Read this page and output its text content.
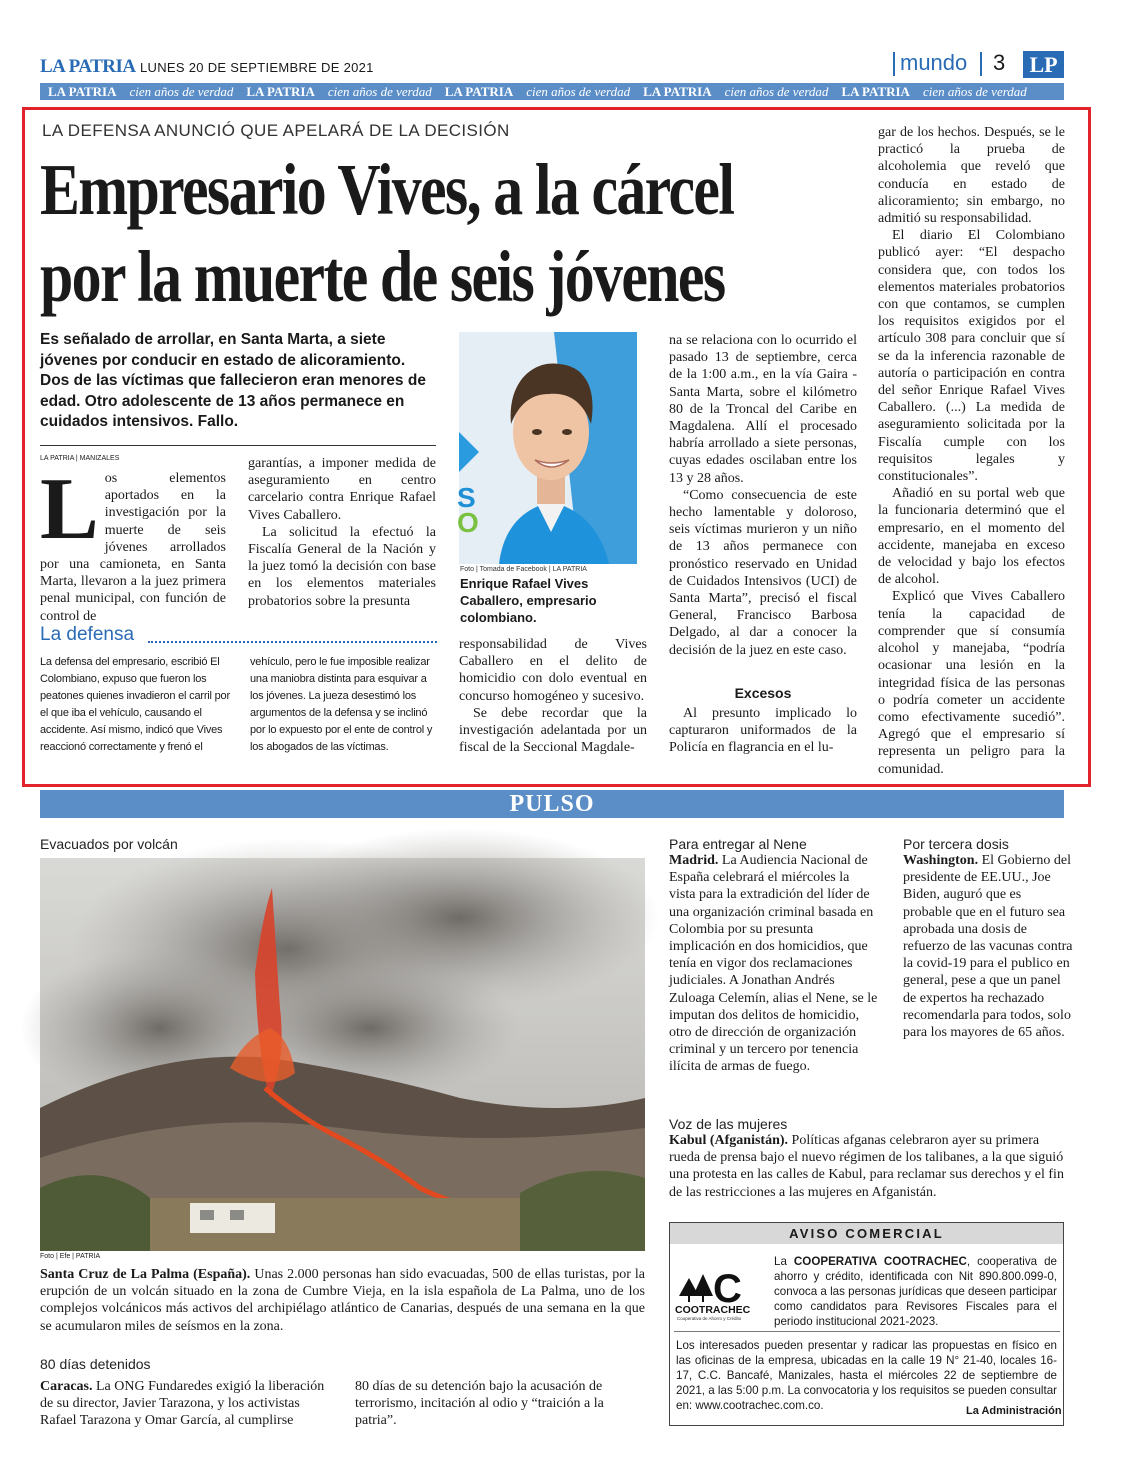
LA PATRIA LUNES 20 DE SEPTIEMBRE DE 2021	mundo 3 LP
LA PATRIA cien años de verdad LA PATRIA cien años de verdad LA PATRIA cien años de verdad LA PATRIA cien años de verdad LA PATRIA cien años de verdad
LA DEFENSA ANUNCIÓ QUE APELARÁ DE LA DECISIÓN
Empresario Vives, a la cárcel
por la muerte de seis jóvenes
Es señalado de arrollar, en Santa Marta, a siete jóvenes por conducir en estado de alicoramiento. Dos de las víctimas que fallecieron eran menores de edad. Otro adolescente de 13 años permanece en cuidados intensivos. Fallo.
LA PATRIA | MANIZALES
L os elementos aportados en la investigación por la muerte de seis jóvenes arrollados por una camioneta, en Santa Marta, llevaron a la juez primera penal municipal, con función de control de

garantías, a imponer medida de aseguramiento en centro carcelario contra Enrique Rafael Vives Caballero.

La solicitud la efectuó la Fiscalía General de la Nación y la juez tomó la decisión con base en los elementos materiales probatorios sobre la presunta

S
O
Foto | Tomada de Facebook | LA PATRIA
Enrique Rafael Vives Caballero, empresario colombiano.

responsabilidad de Vives Caballero en el delito de homicidio con dolo eventual en concurso homogéneo y sucesivo.

Se debe recordar que la investigación adelantada por un fiscal de la Seccional Magdale-

na se relaciona con lo ocurrido el pasado 13 de septiembre, cerca de la 1:00 a.m., en la vía Gaira - Santa Marta, sobre el kilómetro 80 de la Troncal del Caribe en Magdalena. Allí el procesado habría arrollado a siete personas, cuyas edades oscilaban entre los 13 y 28 años.

“Como consecuencia de este hecho lamentable y doloroso, seis víctimas murieron y un niño de 13 años permanece con pronóstico reservado en Unidad de Cuidados Intensivos (UCI) de Santa Marta”, precisó el fiscal General, Francisco Barbosa Delgado, al dar a conocer la decisión de la juez en este caso.

Excesos

Al presunto implicado lo capturaron uniformados de la Policía en flagrancia en el lu-

gar de los hechos. Después, se le practicó la prueba de alcoholemia que reveló que conducía en estado de alicoramiento; sin embargo, no admitió su responsabilidad.

El diario El Colombiano publicó ayer: “El despacho considera que, con todos los elementos materiales probatorios con que contamos, se cumplen los requisitos exigidos por el artículo 308 para concluir que sí se da la inferencia razonable de autoría o participación en contra del señor Enrique Rafael Vives Caballero. (...) La medida de aseguramiento solicitada por la Fiscalía cumple con los requisitos legales y constitucionales”.

Añadió en su portal web que la funcionaria determinó que el empresario, en el momento del accidente, manejaba en exceso de velocidad y bajo los efectos de alcohol.

Explicó que Vives Caballero tenía la capacidad de comprender que sí consumía alcohol y manejaba, “podría ocasionar una lesión en la integridad física de las personas o podría cometer un accidente como efectivamente sucedió”. Agregó que el empresario sí representa un peligro para la comunidad.

La defensa
La defensa del empresario, escribió El Colombiano, expuso que fueron los peatones quienes invadieron el carril por el que iba el vehículo, causando el accidente. Así mismo, indicó que Vives reaccionó correctamente y frenó el
vehículo, pero le fue imposible realizar una maniobra distinta para esquivar a los jóvenes. La jueza desestimó los argumentos de la defensa y se inclinó por lo expuesto por el ente de control y los abogados de las víctimas.
PULSO
Evacuados por volcán
Foto | Efe | PATRIA
Santa Cruz de La Palma (España). Unas 2.000 personas han sido evacuadas, 500 de ellas turistas, por la erupción de un volcán situado en la zona de Cumbre Vieja, en la isla española de La Palma, uno de los complejos volcánicos más activos del archipiélago atlántico de Canarias, después de una semana en la que se acumularon miles de seísmos en la zona.
80 días detenidos
Caracas. La ONG Fundaredes exigió la liberación de su director, Javier Tarazona, y los activistas Rafael Tarazona y Omar García, al cumplirse
80 días de su detención bajo la acusación de terrorismo, incitación al odio y “traición a la patria”.
Para entregar al Nene
Madrid. La Audiencia Nacional de España celebrará el miércoles la vista para la extradición del líder de una organización criminal basada en Colombia por su presunta implicación en dos homicidios, que tenía en vigor dos reclamaciones judiciales. A Jonathan Andrés Zuloaga Celemín, alias el Nene, se le imputan dos delitos de homicidio, otro de dirección de organización criminal y un tercero por tenencia ilícita de armas de fuego.
Por tercera dosis
Washington. El Gobierno del presidente de EE.UU., Joe Biden, auguró que es probable que en el futuro sea aprobada una dosis de refuerzo de las vacunas contra la covid-19 para el publico en general, pese a que un panel de expertos ha rechazado recomendarla para todos, solo para los mayores de 65 años.
Voz de las mujeres
Kabul (Afganistán). Políticas afganas celebraron ayer su primera rueda de prensa bajo el nuevo régimen de los talibanes, a la que siguió una protesta en las calles de Kabul, para reclamar sus derechos y el fin de las restricciones a las mujeres en Afganistán.
AVISO COMERCIAL
C
COOTRACHEC
Cooperativa de Ahorro y Crédito
La COOPERATIVA COOTRACHEC, cooperativa de ahorro y crédito, identificada con Nit 890.800.099-0, convoca a las personas jurídicas que deseen participar como candidatos para Revisores Fiscales para el periodo institucional 2021-2023.
Los interesados pueden presentar y radicar las propuestas en físico en las oficinas de la empresa, ubicadas en la calle 19 N° 21-40, locales 16-17, C.C. Bancafé, Manizales, hasta el miércoles 22 de septiembre de 2021, a las 5:00 p.m. La convocatoria y los requisitos se pueden consultar en: www.cootrachec.com.co.	La Administración
